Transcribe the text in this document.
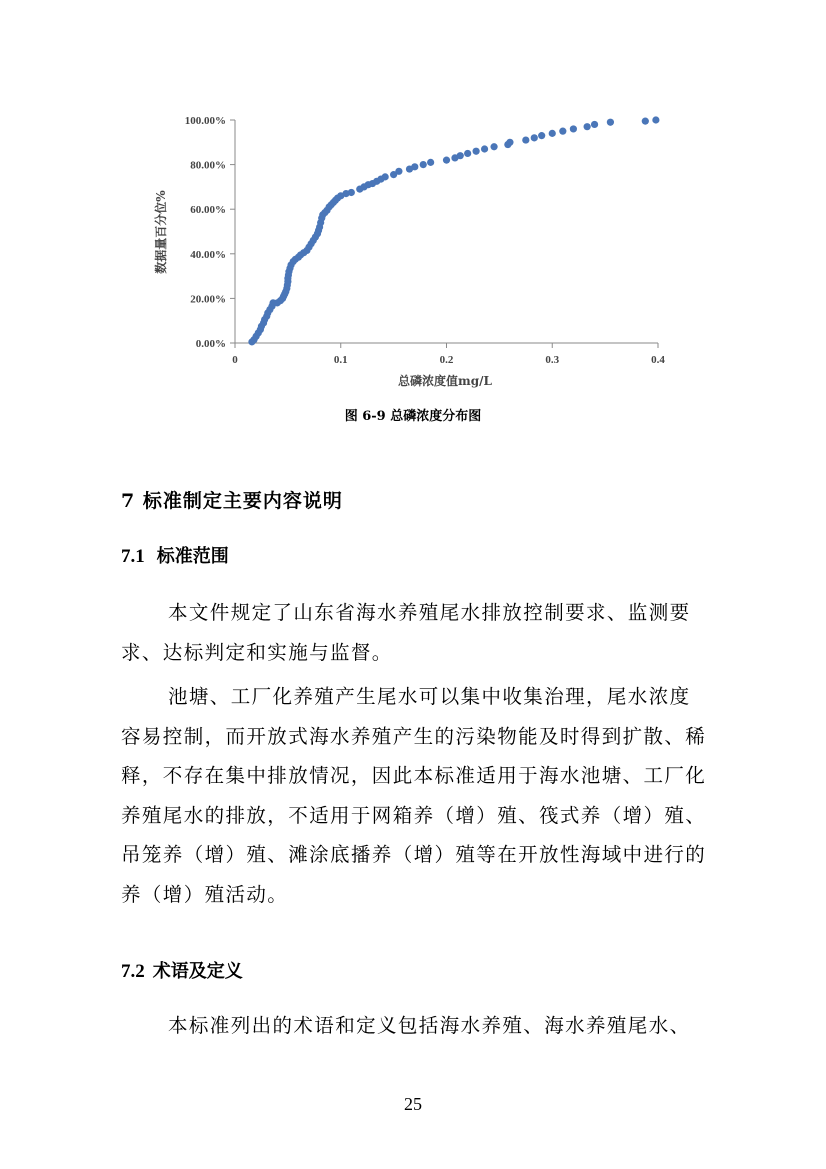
0.00%
20.00%
40.00%
60.00%
80.00%
100.00%
0	0.1	0.2	0.3	0.4
总磷浓度值mg/L
数据量百分位%
图 6-9 总磷浓度分布图
7 标准制定主要内容说明
7.1 标准范围

本文件规定了山东省海水养殖尾水排放控制要求、监测要求、达标判定和实施与监督。

池塘、工厂化养殖产生尾水可以集中收集治理，尾水浓度容易控制，而开放式海水养殖产生的污染物能及时得到扩散、稀释，不存在集中排放情况，因此本标准适用于海水池塘、工厂化养殖尾水的排放，不适用于网箱养（增）殖、筏式养（增）殖、吊笼养（增）殖、滩涂底播养（增）殖等在开放性海域中进行的养（增）殖活动。

7.2 术语及定义

本标准列出的术语和定义包括海水养殖、海水养殖尾水、

25
